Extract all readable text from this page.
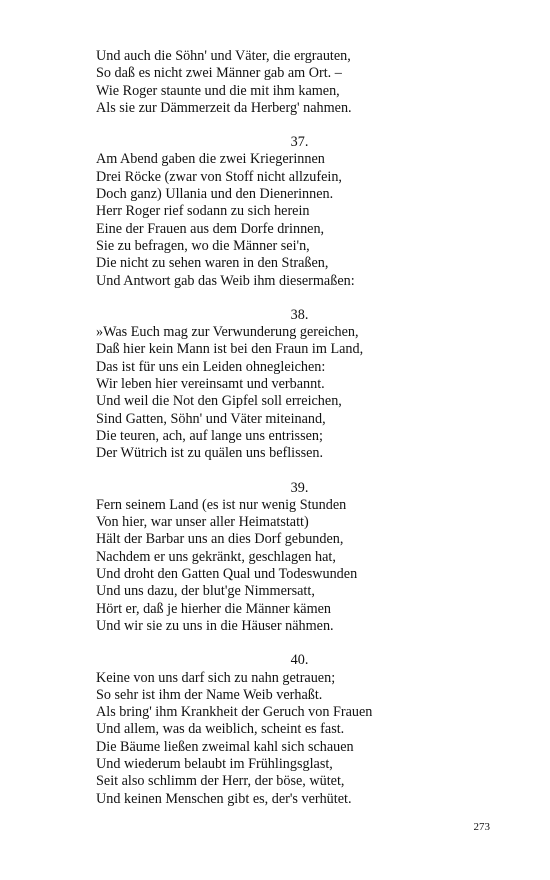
Und auch die Söhn' und Väter, die ergrauten,
So daß es nicht zwei Männer gab am Ort. –
Wie Roger staunte und die mit ihm kamen,
Als sie zur Dämmerzeit da Herberg' nahmen.
37.
Am Abend gaben die zwei Kriegerinnen
Drei Röcke (zwar von Stoff nicht allzufein,
Doch ganz) Ullania und den Dienerinnen.
Herr Roger rief sodann zu sich herein
Eine der Frauen aus dem Dorfe drinnen,
Sie zu befragen, wo die Männer sei'n,
Die nicht zu sehen waren in den Straßen,
Und Antwort gab das Weib ihm diesermaßen:
38.
»Was Euch mag zur Verwunderung gereichen,
Daß hier kein Mann ist bei den Fraun im Land,
Das ist für uns ein Leiden ohnegleichen:
Wir leben hier vereinsamt und verbannt.
Und weil die Not den Gipfel soll erreichen,
Sind Gatten, Söhn' und Väter miteinand,
Die teuren, ach, auf lange uns entrissen;
Der Wütrich ist zu quälen uns beflissen.
39.
Fern seinem Land (es ist nur wenig Stunden
Von hier, war unser aller Heimatstatt)
Hält der Barbar uns an dies Dorf gebunden,
Nachdem er uns gekränkt, geschlagen hat,
Und droht den Gatten Qual und Todeswunden
Und uns dazu, der blut'ge Nimmersatt,
Hört er, daß je hierher die Männer kämen
Und wir sie zu uns in die Häuser nähmen.
40.
Keine von uns darf sich zu nahn getrauen;
So sehr ist ihm der Name Weib verhaßt.
Als bring' ihm Krankheit der Geruch von Frauen
Und allem, was da weiblich, scheint es fast.
Die Bäume ließen zweimal kahl sich schauen
Und wiederum belaubt im Frühlingsglast,
Seit also schlimm der Herr, der böse, wütet,
Und keinen Menschen gibt es, der's verhütet.
273
